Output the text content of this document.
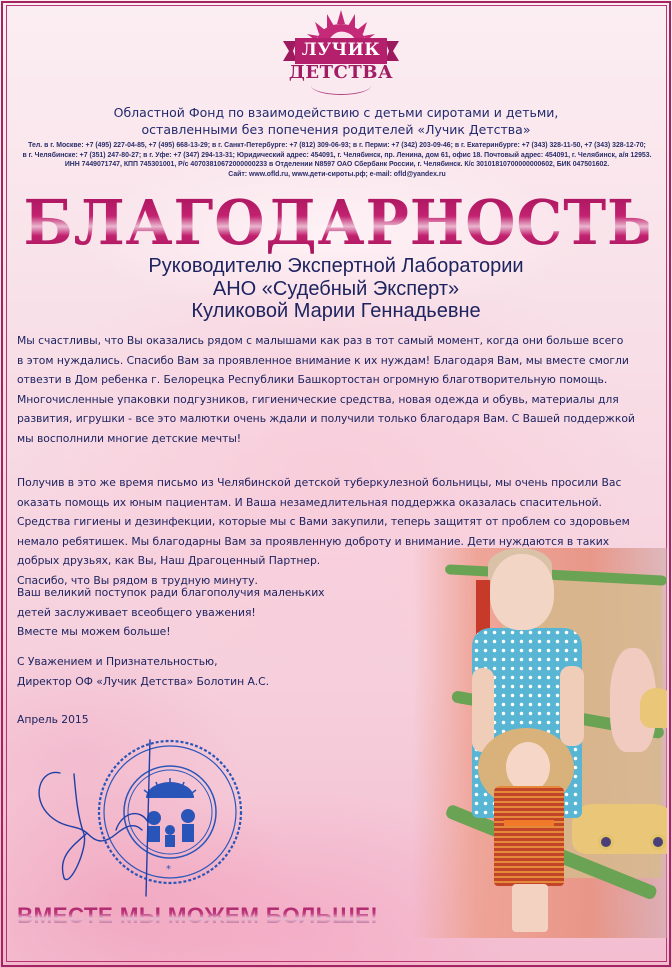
ЛУЧИК
ДЕТСТВА
Областной Фонд по взаимодействию с детьми сиротами и детьми,
оставленными без попечения родителей «Лучик Детства»
Тел. в г. Москве: +7 (495) 227-04-85, +7 (495) 668-13-29; в г. Санкт-Петербурге: +7 (812) 309-06-93; в г. Перми: +7 (342) 203-09-46; в г. Екатеринбурге: +7 (343) 328-11-50, +7 (343) 328-12-70;
в г. Челябинске: +7 (351) 247-80-27; в г. Уфе: +7 (347) 294-13-31; Юридический адрес: 454091, г. Челябинск, пр. Ленина, дом 61, офис 18. Почтовый адрес: 454091, г. Челябинск, а/я 12953.
ИНН 7449071747, КПП 745301001, Р/с 40703810672000000233 в Отделении N8597 ОАО Сбербанк России, г. Челябинск. К/с 30101810700000000602, БИК 047501602.
Сайт: www.ofld.ru, www.дети-сироты.рф; e-mail: ofld@yandex.ru
БЛАГОДАРНОСТЬ
Руководителю Экспертной Лаборатории
АНО «Судебный Эксперт»
Куликовой Марии Геннадьевне
Мы счастливы, что Вы оказались рядом с малышами как раз в тот самый момент, когда они больше всего
в этом нуждались. Спасибо Вам за проявленное внимание к их нуждам! Благодаря Вам, мы вместе смогли
отвезти в Дом ребенка г. Белорецка Республики Башкортостан огромную благотворительную помощь.
Многочисленные упаковки подгузников, гигиенические средства, новая одежда и обувь, материалы для
развития, игрушки - все это малютки очень ждали и получили только благодаря Вам. С Вашей поддержкой
мы восполнили многие детские мечты!
Получив в это же время письмо из Челябинской детской туберкулезной больницы, мы очень просили Вас
оказать помощь их юным пациентам. И Ваша незамедлительная поддержка оказалась спасительной.
Средства гигиены и дезинфекции, которые мы с Вами закупили, теперь защитят от проблем со здоровьем
немало ребятишек. Мы благодарны Вам за проявленную доброту и внимание. Дети нуждаются в таких
добрых друзьях, как Вы, Наш Драгоценный Партнер.
Спасибо, что Вы рядом в трудную минуту.
Ваш великий поступок ради благополучия маленьких
детей заслуживает всеобщего уважения!
Вместе мы можем больше!
С Уважением и Признательностью,
Директор ОФ «Лучик Детства» Болотин А.С.
Апрель 2015
*
ВМЕСТЕ МЫ МОЖЕМ БОЛЬШЕ!
